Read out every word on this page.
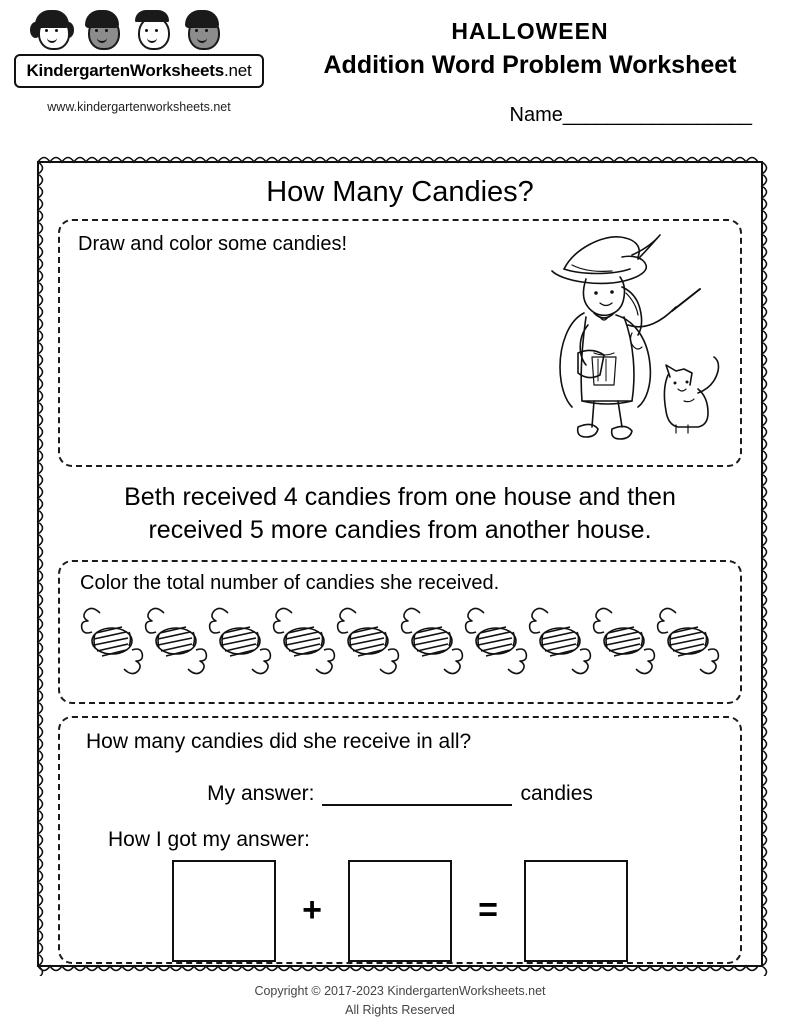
Kindergarten Worksheets .net
www.kindergartenworksheets.net
HALLOWEEN
Addition Word Problem Worksheet
Name_________________
How Many Candies?
Draw and color some candies!
Beth received 4 candies from one house and then
received 5 more candies from another house.
Color the total number of candies she received.
How many candies did she receive in all?
My answer:	candies
How I got my answer:
+	=
Copyright © 2017-2023 KindergartenWorksheets.net
All Rights Reserved
